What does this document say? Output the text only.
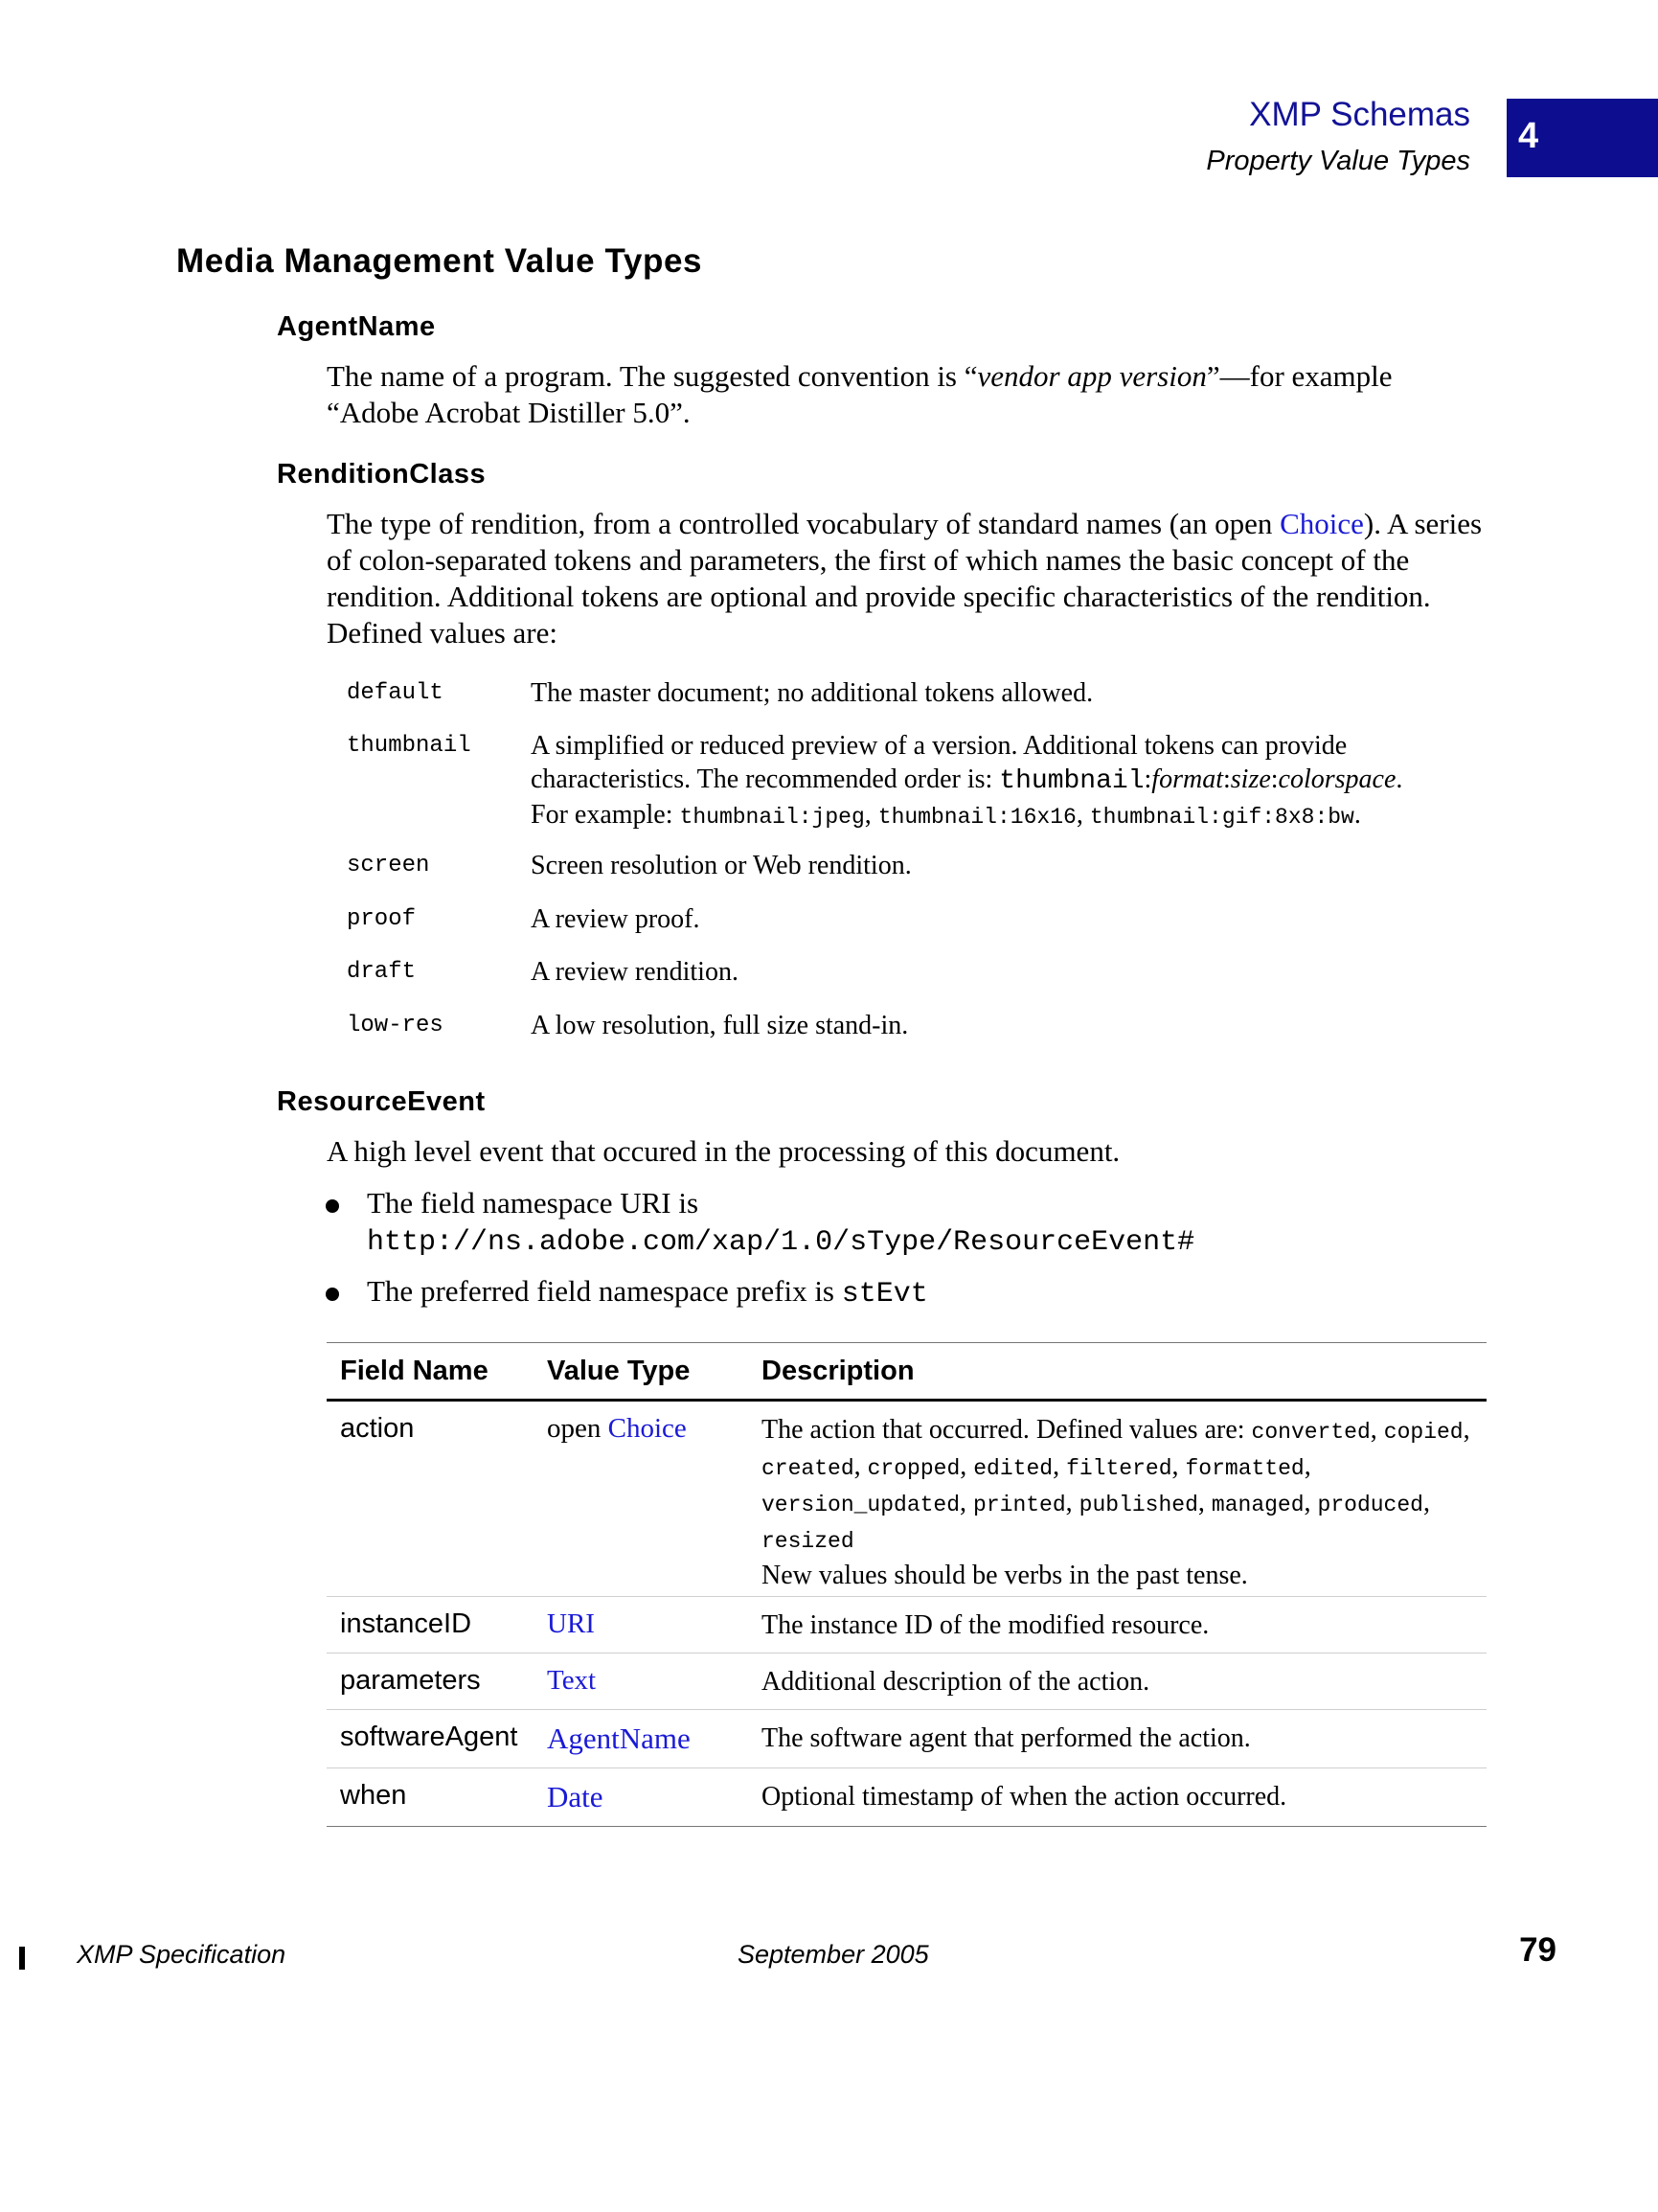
XMP Schemas
Property Value Types
4
Media Management Value Types
AgentName
The name of a program. The suggested convention is “vendor app version”—for example
“Adobe Acrobat Distiller 5.0”.
RenditionClass
The type of rendition, from a controlled vocabulary of standard names (an open Choice). A series of colon-separated tokens and parameters, the first of which names the basic concept of the rendition. Additional tokens are optional and provide specific characteristics of the rendition. Defined values are:
default	The master document; no additional tokens allowed.
thumbnail A simplified or reduced preview of a version. Additional tokens can provide characteristics. The recommended order is: thumbnail:format:size:colorspace.
For example: thumbnail:jpeg, thumbnail:16x16, thumbnail:gif:8x8:bw.
screen	Screen resolution or Web rendition.
proof	A review proof.
draft	A review rendition.
low-res	A low resolution, full size stand-in.
ResourceEvent
A high level event that occured in the processing of this document.
The field namespace URI is
http://ns.adobe.com/xap/1.0/sType/ResourceEvent#
The preferred field namespace prefix is stEvt
Field Name	Value Type	Description
action	open Choice	The action that occurred. Defined values are: converted, copied, created, cropped, edited, filtered, formatted, version_updated, printed, published, managed, produced, resized
New values should be verbs in the past tense.
instanceID	URI	The instance ID of the modified resource.
parameters	Text	Additional description of the action.
softwareAgent AgentName	The software agent that performed the action.
when	Date	Optional timestamp of when the action occurred.
XMP Specification	September 2005	79
